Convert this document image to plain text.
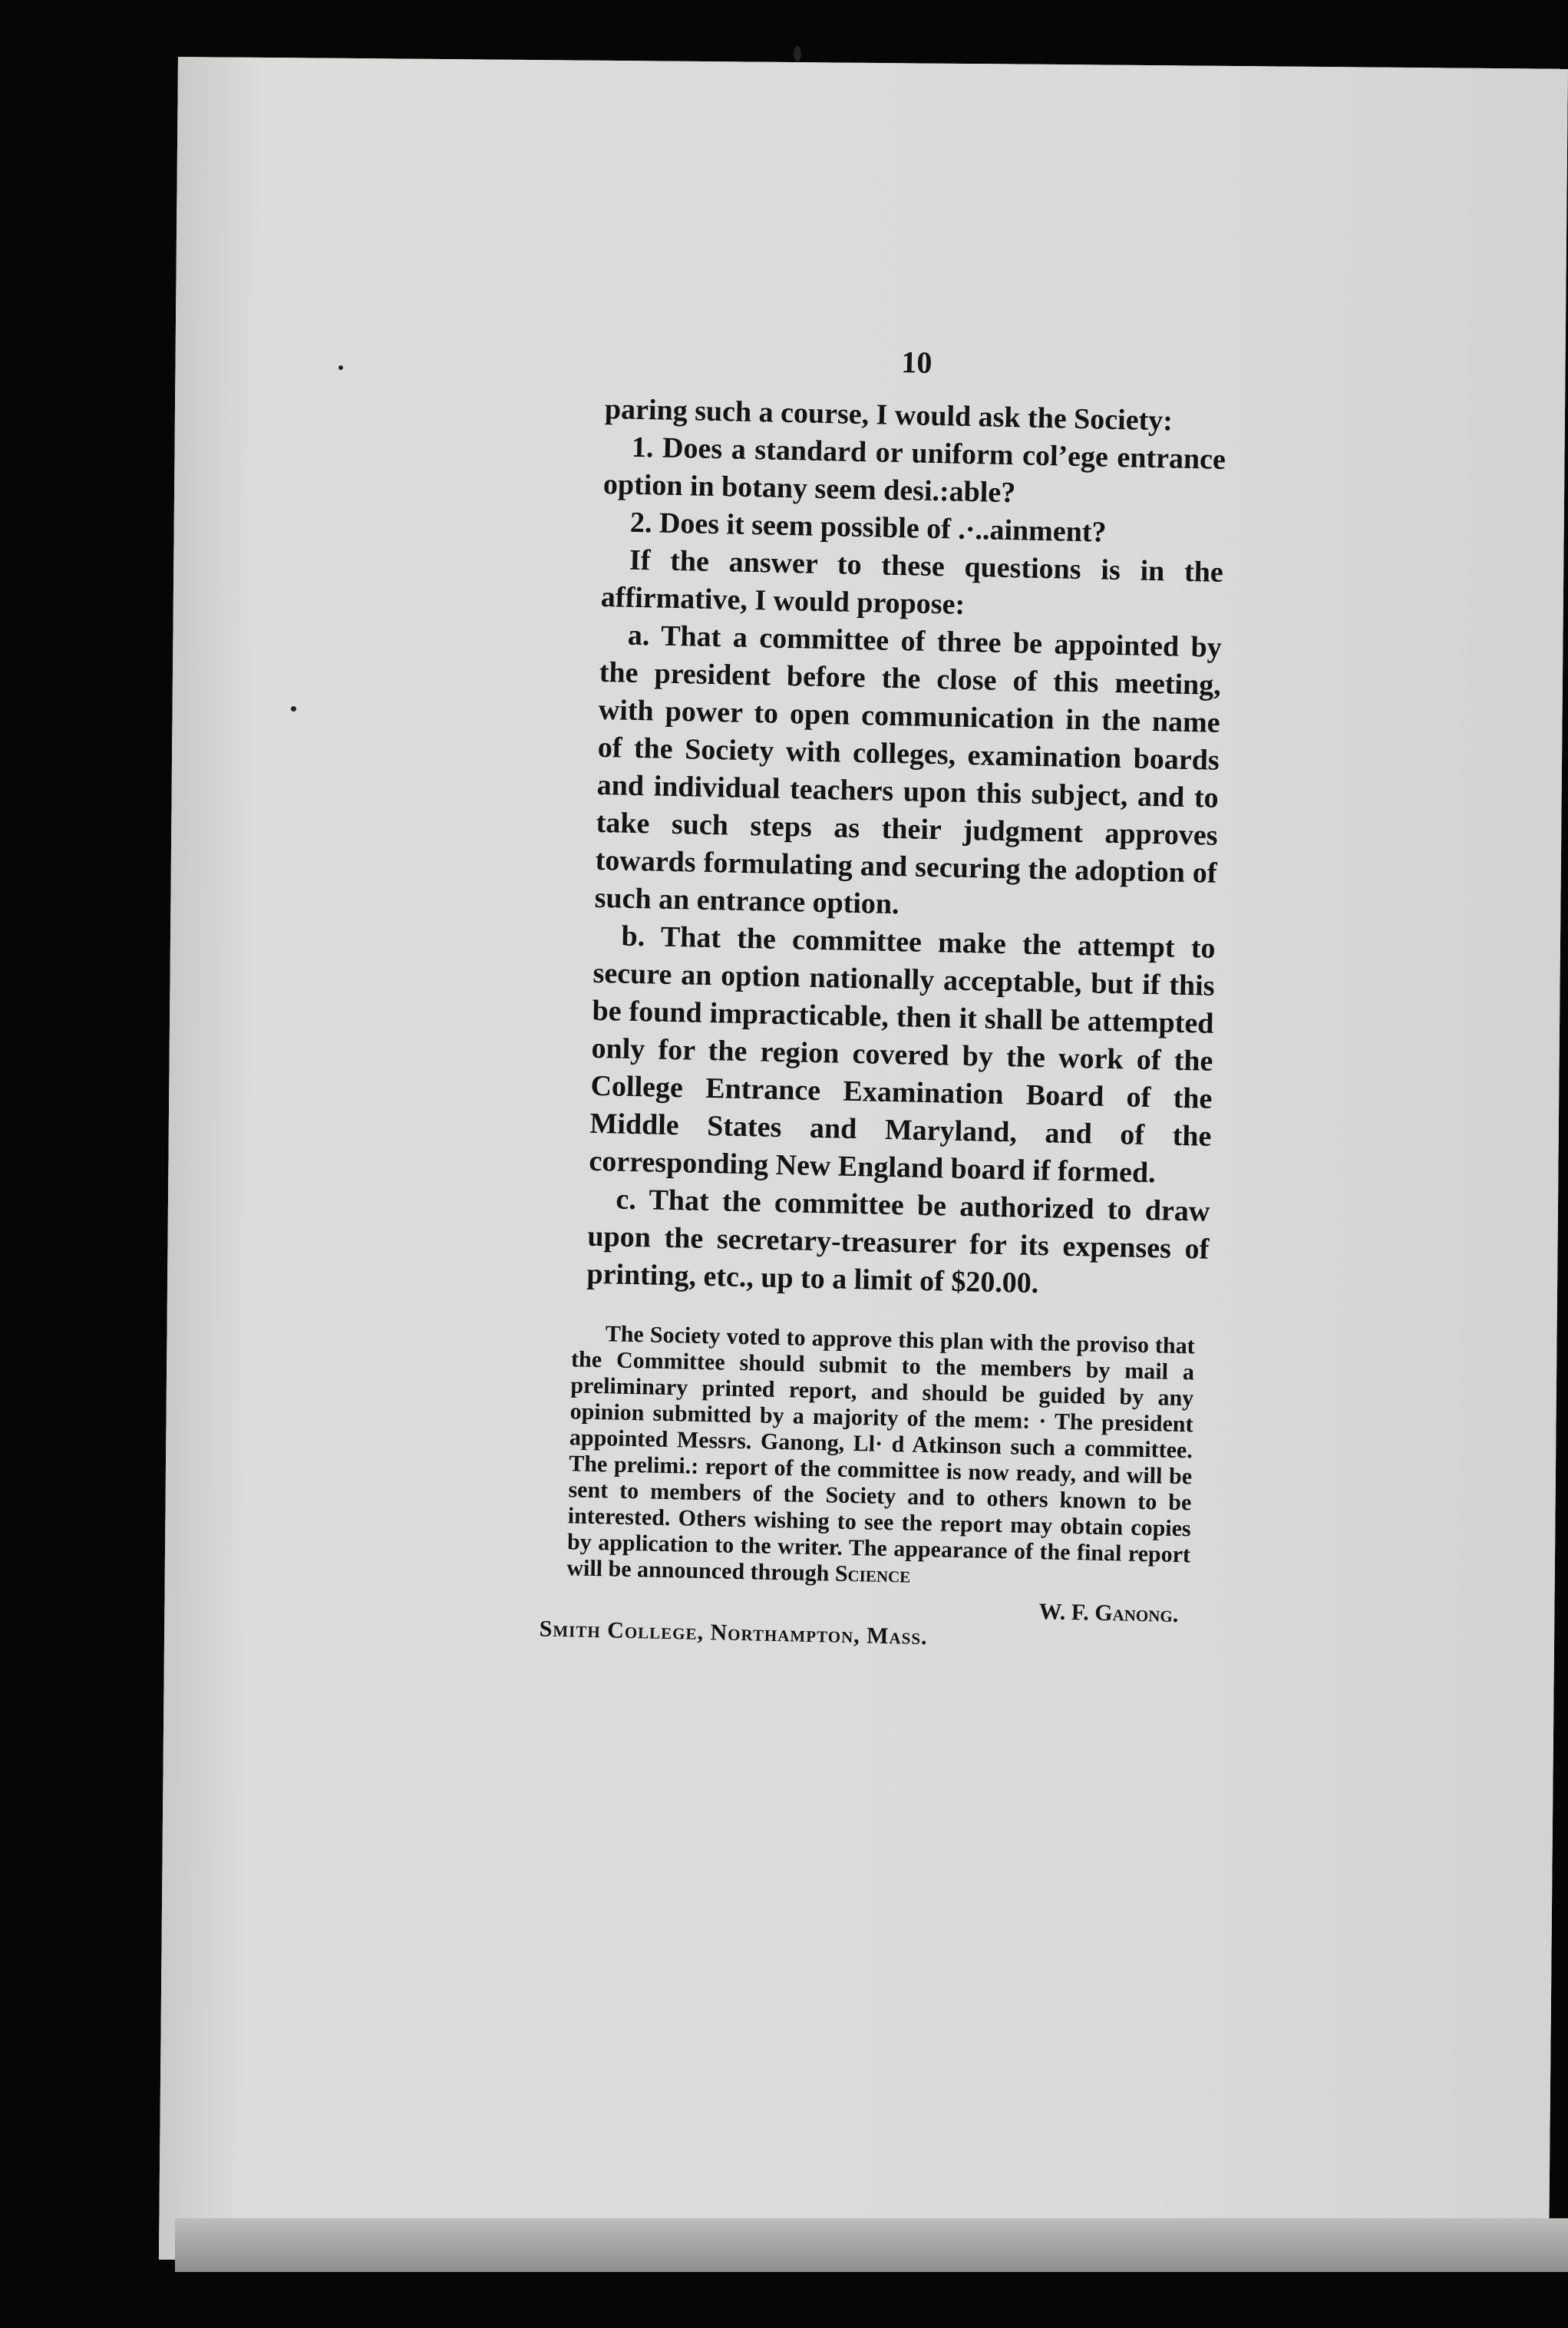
10

paring such a course, I would ask the Society:

1. Does a standard or uniform col’ege entrance option in botany seem desi.:able?

2. Does it seem possible of .·..ainment?

If the answer to these questions is in the affirmative, I would propose:

a. That a committee of three be appointed by the president before the close of this meeting, with power to open communication in the name of the Society with colleges, examination boards and individual teachers upon this subject, and to take such steps as their judgment approves towards formulating and securing the adoption of such an entrance option.

b. That the committee make the attempt to secure an option nationally acceptable, but if this be found impracticable, then it shall be attempted only for the region covered by the work of the College Entrance Examination Board of the Middle States and Maryland, and of the corresponding New England board if formed.

c. That the committee be authorized to draw upon the secretary-treasurer for its expenses of printing, etc., up to a limit of $20.00.

The Society voted to approve this plan with the proviso that the Committee should submit to the members by mail a preliminary printed report, and should be guided by any opinion submitted by a majority of the mem: · The president appointed Messrs. Ganong, Ll· d Atkinson such a committee. The prelimi.: report of the committee is now ready, and will be sent to members of the Society and to others known to be interested. Others wishing to see the report may obtain copies by application to the writer. The appearance of the final report will be announced through Science

W. F. Ganong.

Smith College, Northampton, Mass.
